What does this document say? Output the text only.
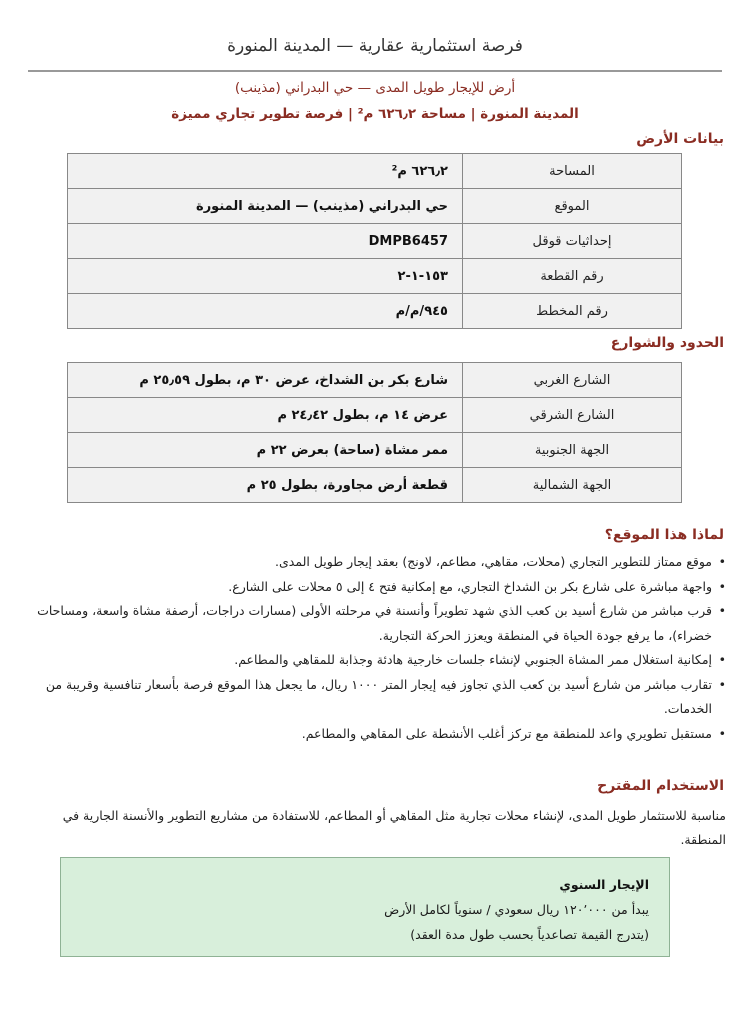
فرصة استثمارية عقارية — المدينة المنورة
أرض للإيجار طويل المدى — حي البدراني (مذينب)
المدينة المنورة | مساحة ٦٢٦٫٢ م² | فرصة تطوير تجاري مميزة
بيانات الأرض
المساحة	٦٢٦٫٢ م²
الموقع	حي البدراني (مذينب) — المدينة المنورة
إحداثيات قوقل	DMPB6457
رقم القطعة	١٥٣-١-٢
رقم المخطط	٩٤٥/م/م
الحدود والشوارع
الشارع الغربي	شارع بكر بن الشداخ، عرض ٣٠ م، بطول ٢٥٫٥٩ م
الشارع الشرقي	عرض ١٤ م، بطول ٢٤٫٤٢ م
الجهة الجنوبية	ممر مشاة (ساحة) بعرض ٢٢ م
الجهة الشمالية	قطعة أرض مجاورة، بطول ٢٥ م
لماذا هذا الموقع؟
•
موقع ممتاز للتطوير التجاري (محلات، مقاهي، مطاعم، لاونج) بعقد إيجار طويل المدى.
•
واجهة مباشرة على شارع بكر بن الشداخ التجاري، مع إمكانية فتح ٤ إلى ٥ محلات على الشارع.
•
قرب مباشر من شارع أسيد بن كعب الذي شهد تطويراً وأنسنة في مرحلته الأولى (مسارات دراجات، أرصفة مشاة واسعة، ومساحات خضراء)، ما يرفع جودة الحياة في المنطقة ويعزز الحركة التجارية.
•
إمكانية استغلال ممر المشاة الجنوبي لإنشاء جلسات خارجية هادئة وجذابة للمقاهي والمطاعم.
•
تقارب مباشر من شارع أسيد بن كعب الذي تجاوز فيه إيجار المتر ١٠٠٠ ريال، ما يجعل هذا الموقع فرصة بأسعار تنافسية وقريبة من الخدمات.
•
مستقبل تطويري واعد للمنطقة مع تركز أغلب الأنشطة على المقاهي والمطاعم.
الاستخدام المقترح
مناسبة للاستثمار طويل المدى، لإنشاء محلات تجارية مثل المقاهي أو المطاعم، للاستفادة من مشاريع التطوير والأنسنة الجارية في المنطقة.
الإيجار السنوي
يبدأ من ١٢٠٬٠٠٠ ريال سعودي / سنوياً لكامل الأرض
(يتدرج القيمة تصاعدياً بحسب طول مدة العقد)
